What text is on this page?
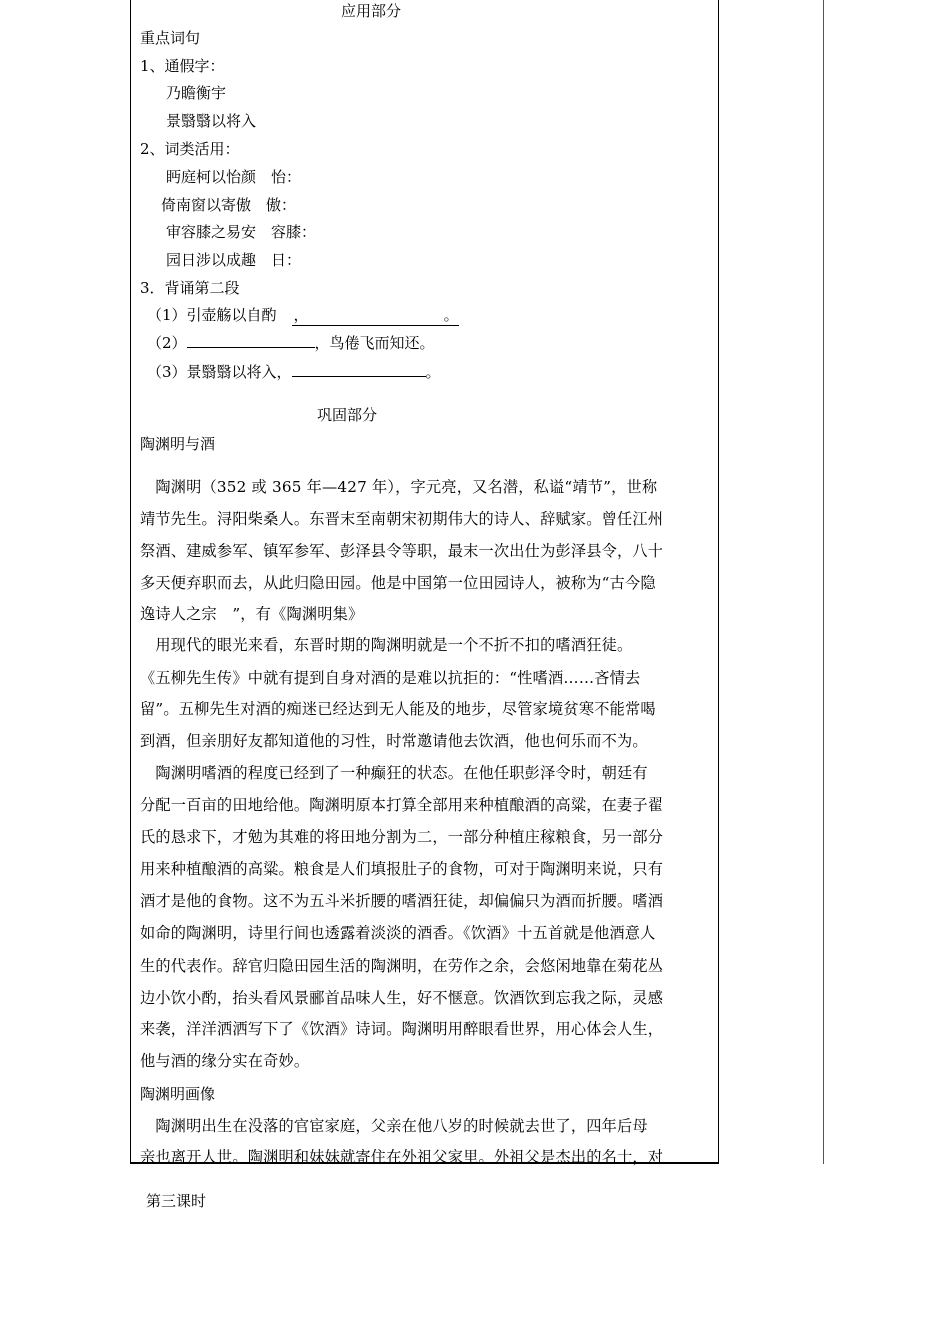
应用部分
重点词句
1、通假字：
乃瞻衡宇
景翳翳以将入
2、词类活用：
眄庭柯以怡颜　怡：
倚南窗以寄傲　傲：
审容膝之易安　容膝：
园日涉以成趣　日：
3．背诵第二段
（1）引壶觞以自酌　，	。
（2）	，鸟倦飞而知还。
（3）景翳翳以将入，	。
巩固部分
陶渊明与酒
　陶渊明（352 或 365 年—427 年），字元亮，又名潜，私谥“靖节”，世称
靖节先生。浔阳柴桑人。东晋末至南朝宋初期伟大的诗人、辞赋家。曾任江州
祭酒、建威参军、镇军参军、彭泽县令等职，最末一次出仕为彭泽县令，八十
多天便弃职而去，从此归隐田园。他是中国第一位田园诗人，被称为“古今隐
逸诗人之宗　”，有《陶渊明集》
　用现代的眼光来看，东晋时期的陶渊明就是一个不折不扣的嗜酒狂徒。
《五柳先生传》中就有提到自身对酒的是难以抗拒的：“性嗜酒……吝情去
留”。五柳先生对酒的痴迷已经达到无人能及的地步，尽管家境贫寒不能常喝
到酒，但亲朋好友都知道他的习性，时常邀请他去饮酒，他也何乐而不为。
　陶渊明嗜酒的程度已经到了一种癫狂的状态。在他任职彭泽令时，朝廷有
分配一百亩的田地给他。陶渊明原本打算全部用来种植酿酒的高粱，在妻子翟
氏的恳求下，才勉为其难的将田地分割为二，一部分种植庄稼粮食，另一部分
用来种植酿酒的高粱。粮食是人们填报肚子的食物，可对于陶渊明来说，只有
酒才是他的食物。这不为五斗米折腰的嗜酒狂徒，却偏偏只为酒而折腰。嗜酒
如命的陶渊明，诗里行间也透露着淡淡的酒香。《饮酒》十五首就是他酒意人
生的代表作。辞官归隐田园生活的陶渊明，在劳作之余，会悠闲地靠在菊花丛
边小饮小酌，抬头看风景郦首品味人生，好不惬意。饮酒饮到忘我之际，灵感
来袭，洋洋洒洒写下了《饮酒》诗词。陶渊明用醉眼看世界，用心体会人生，
他与酒的缘分实在奇妙。
陶渊明画像
　陶渊明出生在没落的官宦家庭，父亲在他八岁的时候就去世了，四年后母
亲也离开人世。陶渊明和妹妹就寄住在外祖父家里。外祖父是杰出的名士，对
第三课时
